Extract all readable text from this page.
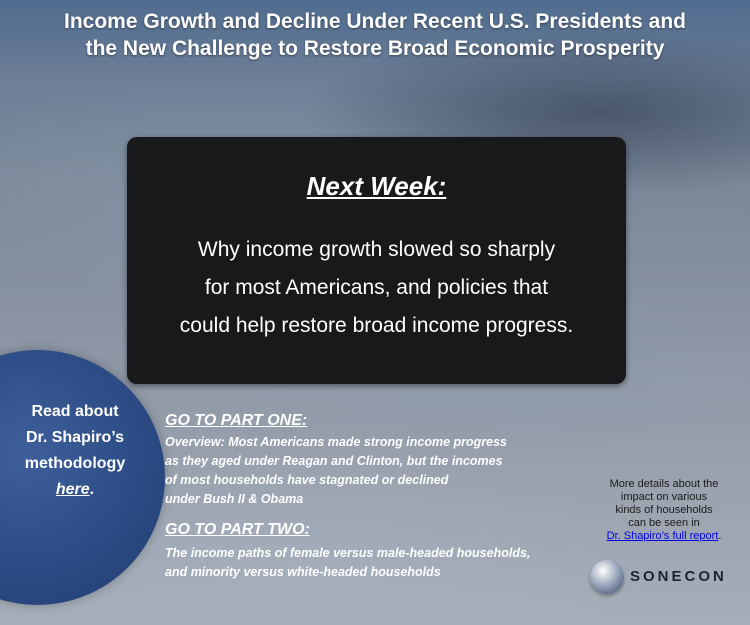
Income Growth and Decline Under Recent U.S. Presidents and
the New Challenge to Restore Broad Economic Prosperity
Next Week:
Why income growth slowed so sharply
for most Americans, and policies that
could help restore broad income progress.
Read about
Dr. Shapiro’s
methodology
here.
GO TO PART ONE:
Overview: Most Americans made strong income progress
as they aged under Reagan and Clinton, but the incomes
of most households have stagnated or declined
under Bush II & Obama
GO TO PART TWO:
The income paths of female versus male-headed households,
and minority versus white-headed households
More details about the
impact on various
kinds of households
can be seen in
Dr. Shapiro’s full report.
SONECON
